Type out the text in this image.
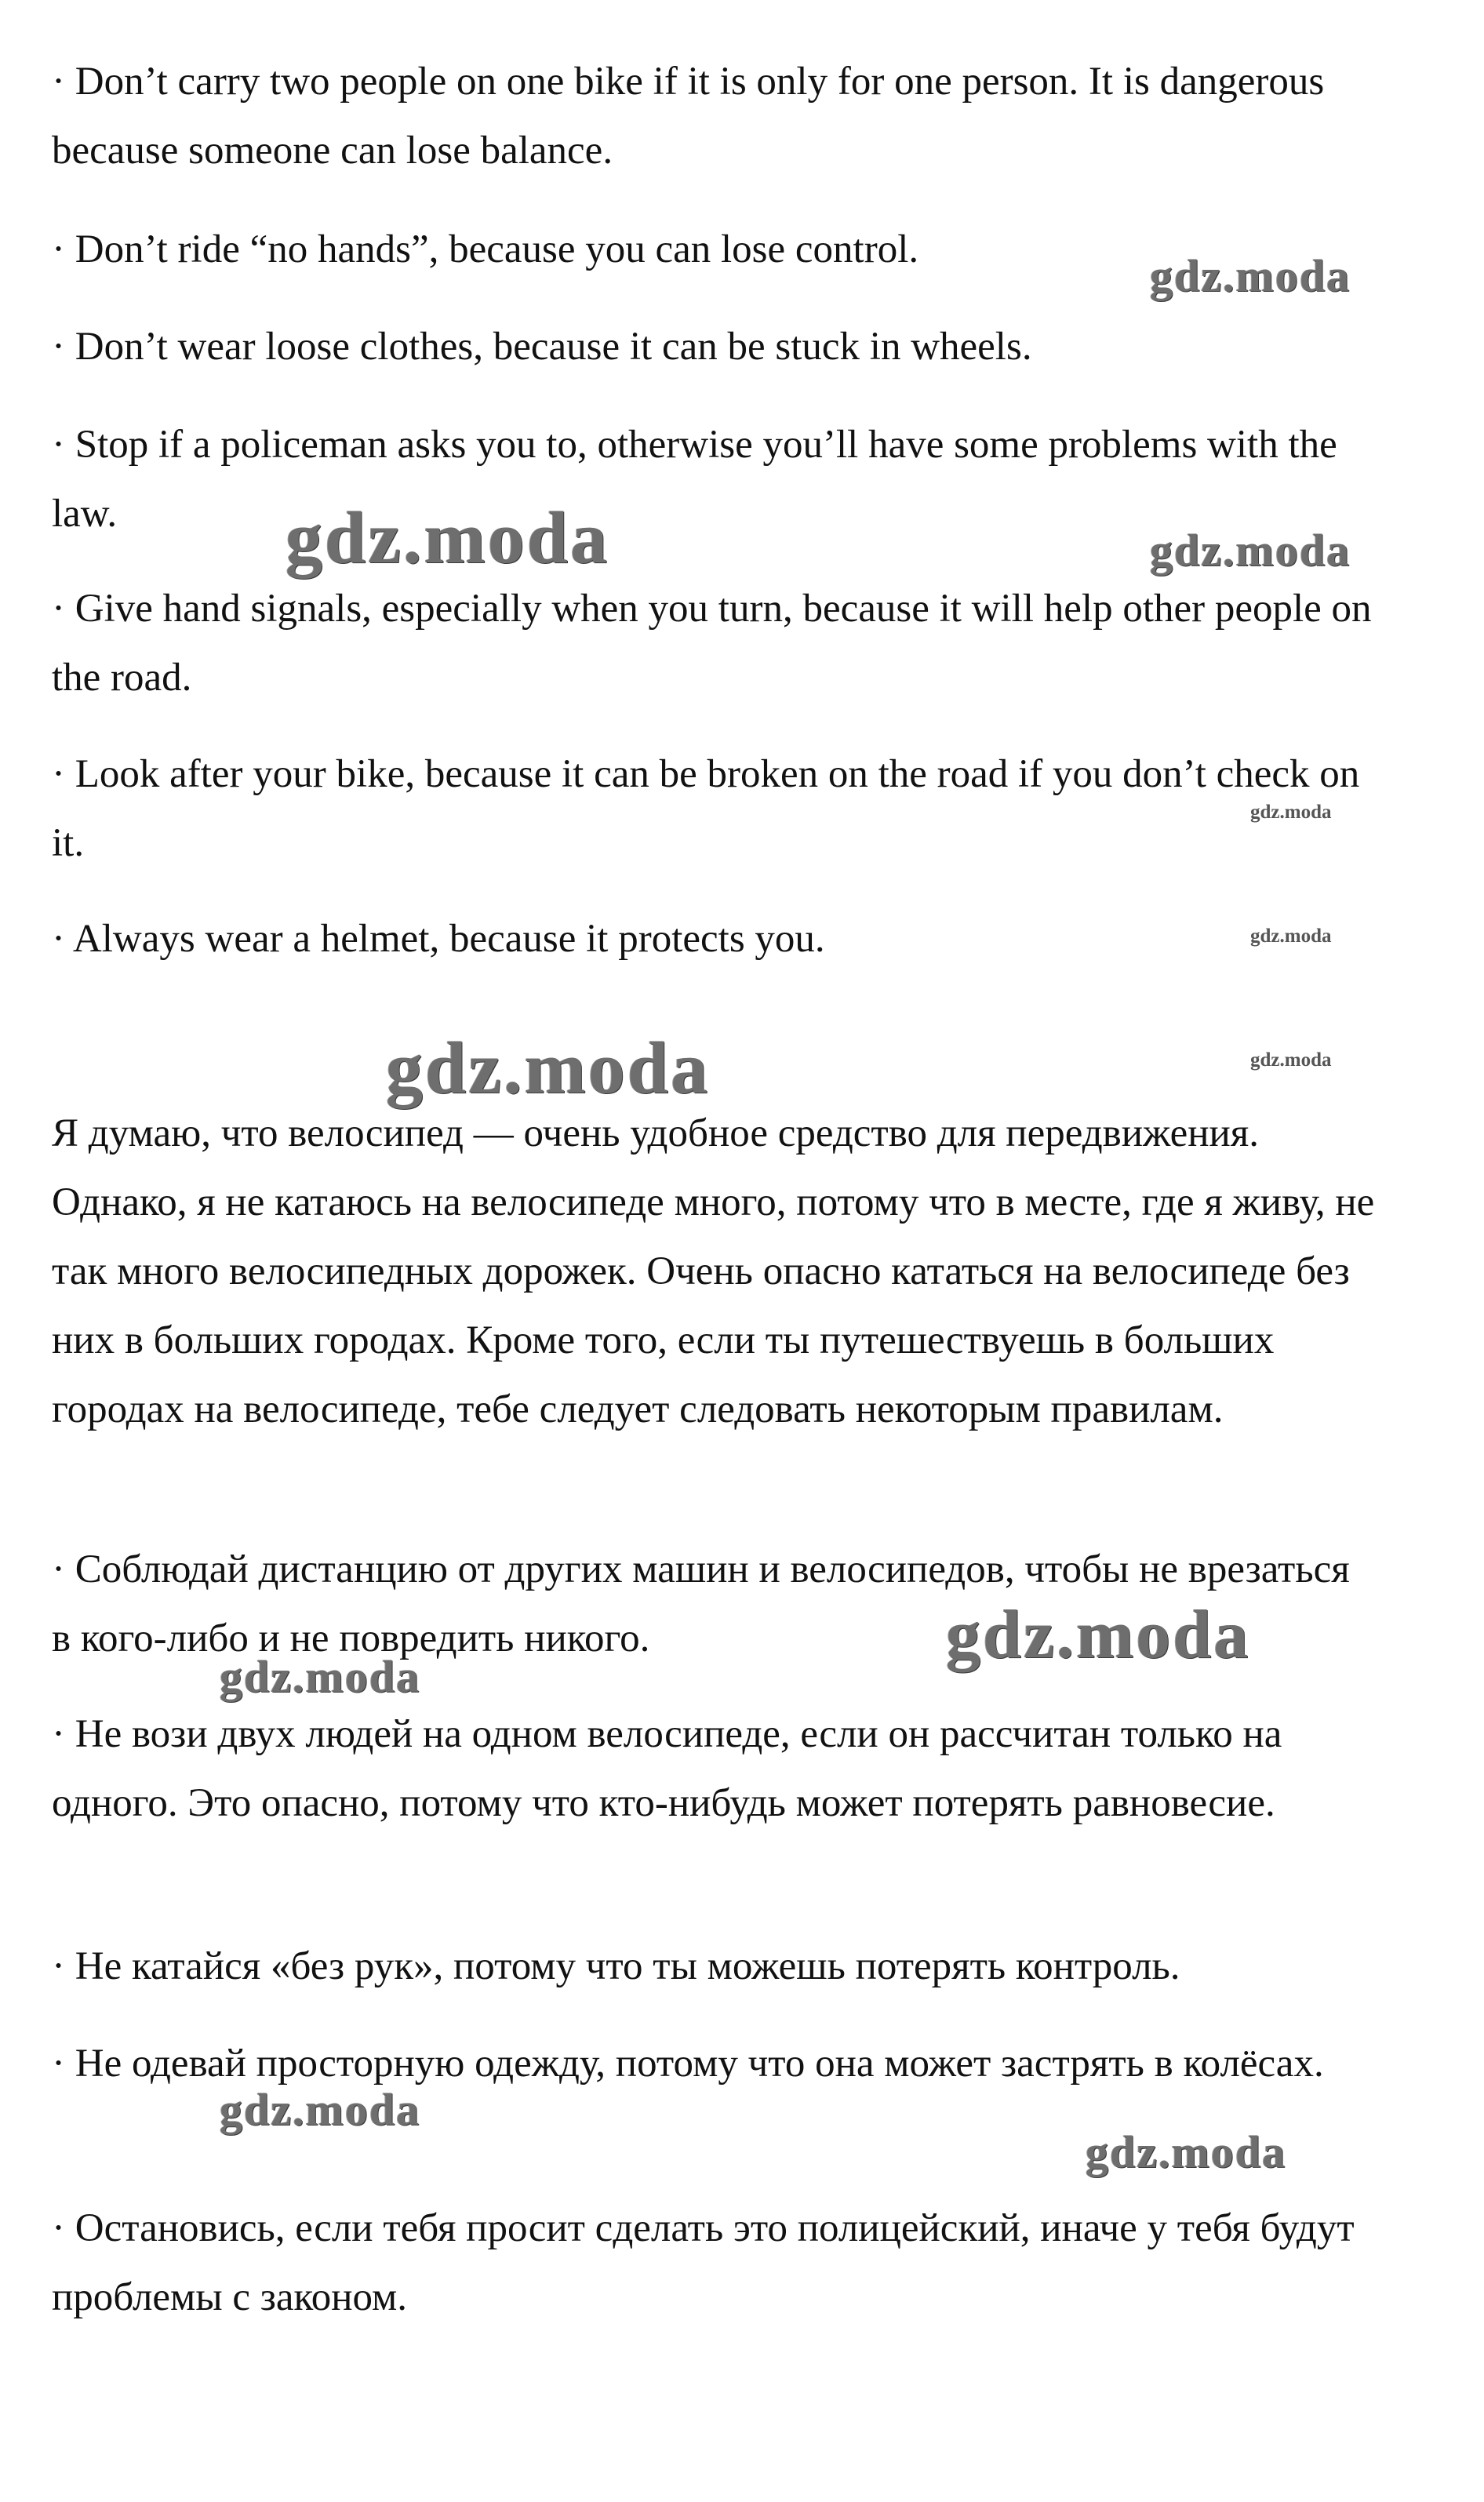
· Don’t carry two people on one bike if it is only for one person. It is dangerous because someone can lose balance.

· Don’t ride “no hands”, because you can lose control.

· Don’t wear loose clothes, because it can be stuck in wheels.

· Stop if a policeman asks you to, otherwise you’ll have some problems with the law.

· Give hand signals, especially when you turn, because it will help other people on the road.

· Look after your bike, because it can be broken on the road if you don’t check on it.

· Always wear a helmet, because it protects you.

Я думаю, что велосипед — очень удобное средство для передвижения. Однако, я не катаюсь на велосипеде много, потому что в месте, где я живу, не так много велосипедных дорожек. Очень опасно кататься на велосипеде без них в больших городах. Кроме того, если ты путешествуешь в больших городах на велосипеде, тебе следует следовать некоторым правилам.

· Соблюдай дистанцию от других машин и велосипедов, чтобы не врезаться в кого-либо и не повредить никого.

· Не вози двух людей на одном велосипеде, если он рассчитан только на одного. Это опасно, потому что кто-нибудь может потерять равновесие.

· Не катайся «без рук», потому что ты можешь потерять контроль.

· Не одевай просторную одежду, потому что она может застрять в колёсах.

· Остановись, если тебя просит сделать это полицейский, иначе у тебя будут проблемы с законом.

gdz.moda
gdz.moda	gdz.moda
gdz.moda
gdz.moda
gdz.moda	gdz.moda
gdz.moda
gdz.moda
gdz.moda
gdz.moda
